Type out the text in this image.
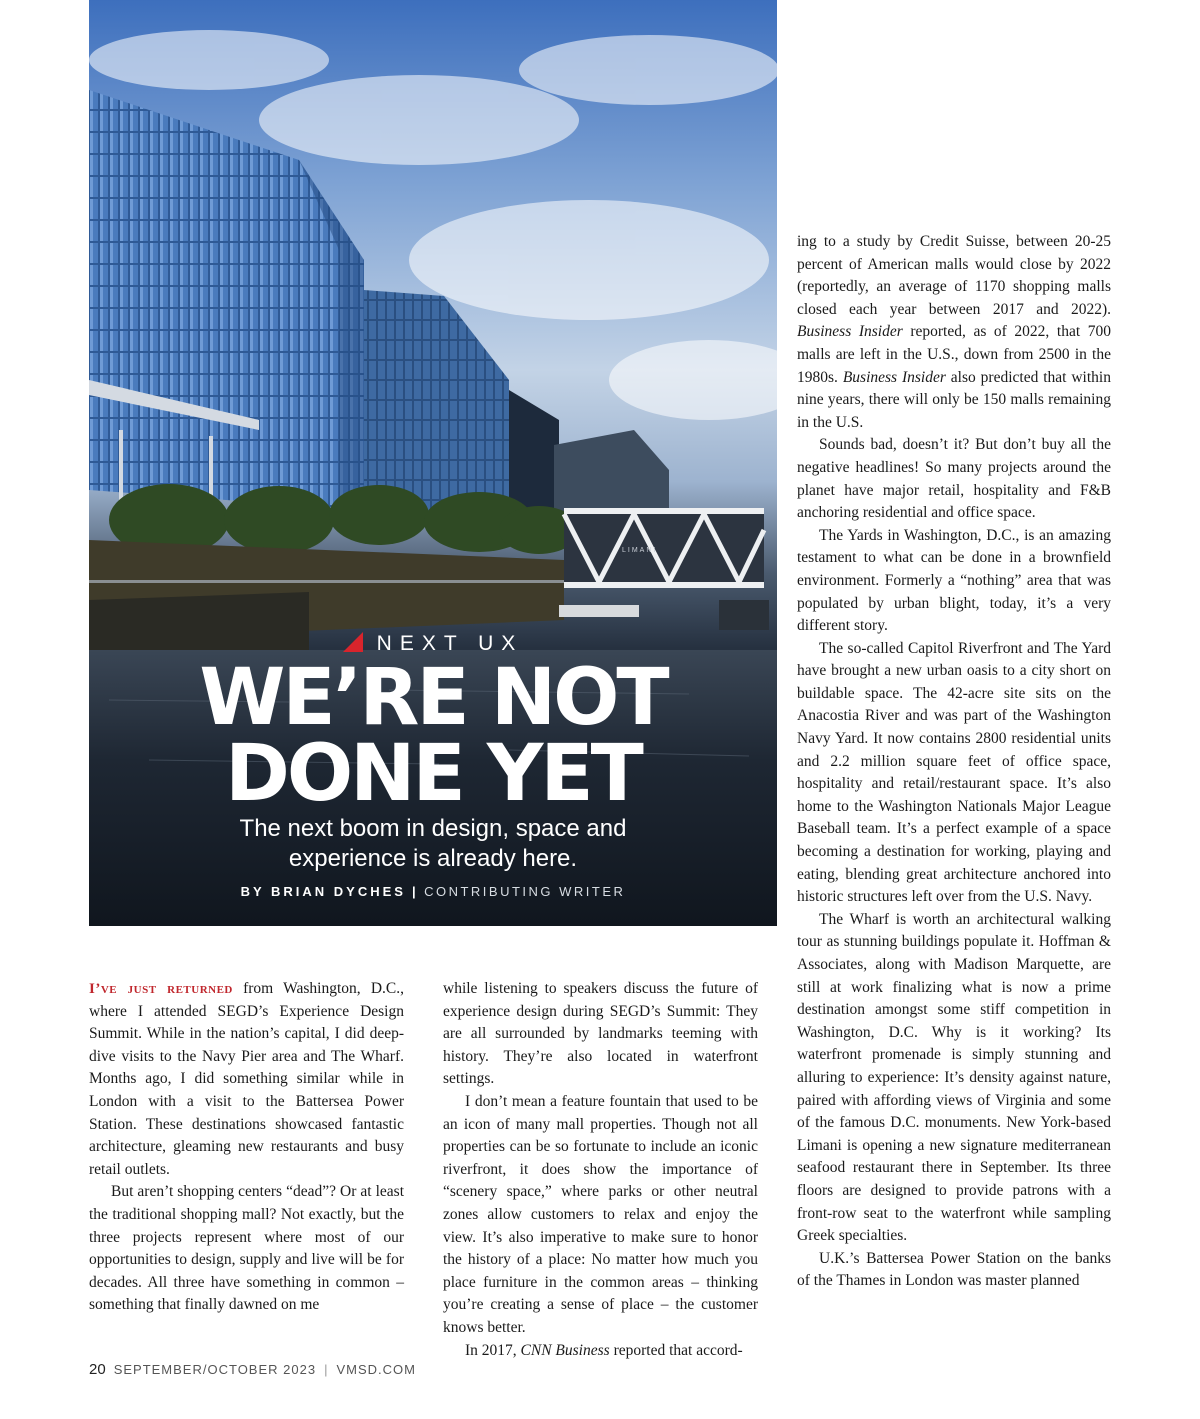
LIMANI
NEXT UX
WE’RE NOT
DONE YET
The next boom in design, space and
experience is already here.
BY BRIAN DYCHES | CONTRIBUTING WRITER

I’ve just returned from Washington, D.C., where I attended SEGD’s Experience Design Summit. While in the nation’s capital, I did deep-dive visits to the Navy Pier area and The Wharf. Months ago, I did something similar while in London with a visit to the Battersea Power Station. These destinations showcased fantastic architecture, gleaming new restaurants and busy retail outlets.

But aren’t shopping centers “dead”? Or at least the traditional shopping mall? Not exactly, but the three projects represent where most of our opportunities to design, supply and live will be for decades. All three have something in common – something that finally dawned on me

while listening to speakers discuss the future of experience design during SEGD’s Summit: They are all surrounded by landmarks teeming with history. They’re also located in waterfront settings.

I don’t mean a feature fountain that used to be an icon of many mall properties. Though not all properties can be so fortunate to include an iconic riverfront, it does show the importance of “scenery space,” where parks or other neutral zones allow customers to relax and enjoy the view. It’s also imperative to make sure to honor the history of a place: No matter how much you place furniture in the common areas – thinking you’re creating a sense of place – the customer knows better.

In 2017, CNN Business reported that accord-

ing to a study by Credit Suisse, between 20-25 percent of American malls would close by 2022 (reportedly, an average of 1170 shopping malls closed each year between 2017 and 2022). Business Insider reported, as of 2022, that 700 malls are left in the U.S., down from 2500 in the 1980s. Business Insider also predicted that within nine years, there will only be 150 malls remaining in the U.S.

Sounds bad, doesn’t it? But don’t buy all the negative headlines! So many projects around the planet have major retail, hospitality and F&B anchoring residential and office space.

The Yards in Washington, D.C., is an amazing testament to what can be done in a brownfield environment. Formerly a “nothing” area that was populated by urban blight, today, it’s a very different story.

The so-called Capitol Riverfront and The Yard have brought a new urban oasis to a city short on buildable space. The 42-acre site sits on the Anacostia River and was part of the Washington Navy Yard. It now contains 2800 residential units and 2.2 million square feet of office space, hospitality and retail/restaurant space. It’s also home to the Washington Nationals Major League Baseball team. It’s a perfect example of a space becoming a destination for working, playing and eating, blending great architecture anchored into historic structures left over from the U.S. Navy.

The Wharf is worth an architectural walking tour as stunning buildings populate it. Hoffman & Associates, along with Madison Marquette, are still at work finalizing what is now a prime destination amongst some stiff competition in Washington, D.C. Why is it working? Its waterfront promenade is simply stunning and alluring to experience: It’s density against nature, paired with affording views of Virginia and some of the famous D.C. monuments. New York-based Limani is opening a new signature mediterranean seafood restaurant there in September. Its three floors are designed to provide patrons with a front-row seat to the waterfront while sampling Greek specialties.

U.K.’s Battersea Power Station on the banks of the Thames in London was master planned

20 SEPTEMBER/OCTOBER 2023 | VMSD.COM
